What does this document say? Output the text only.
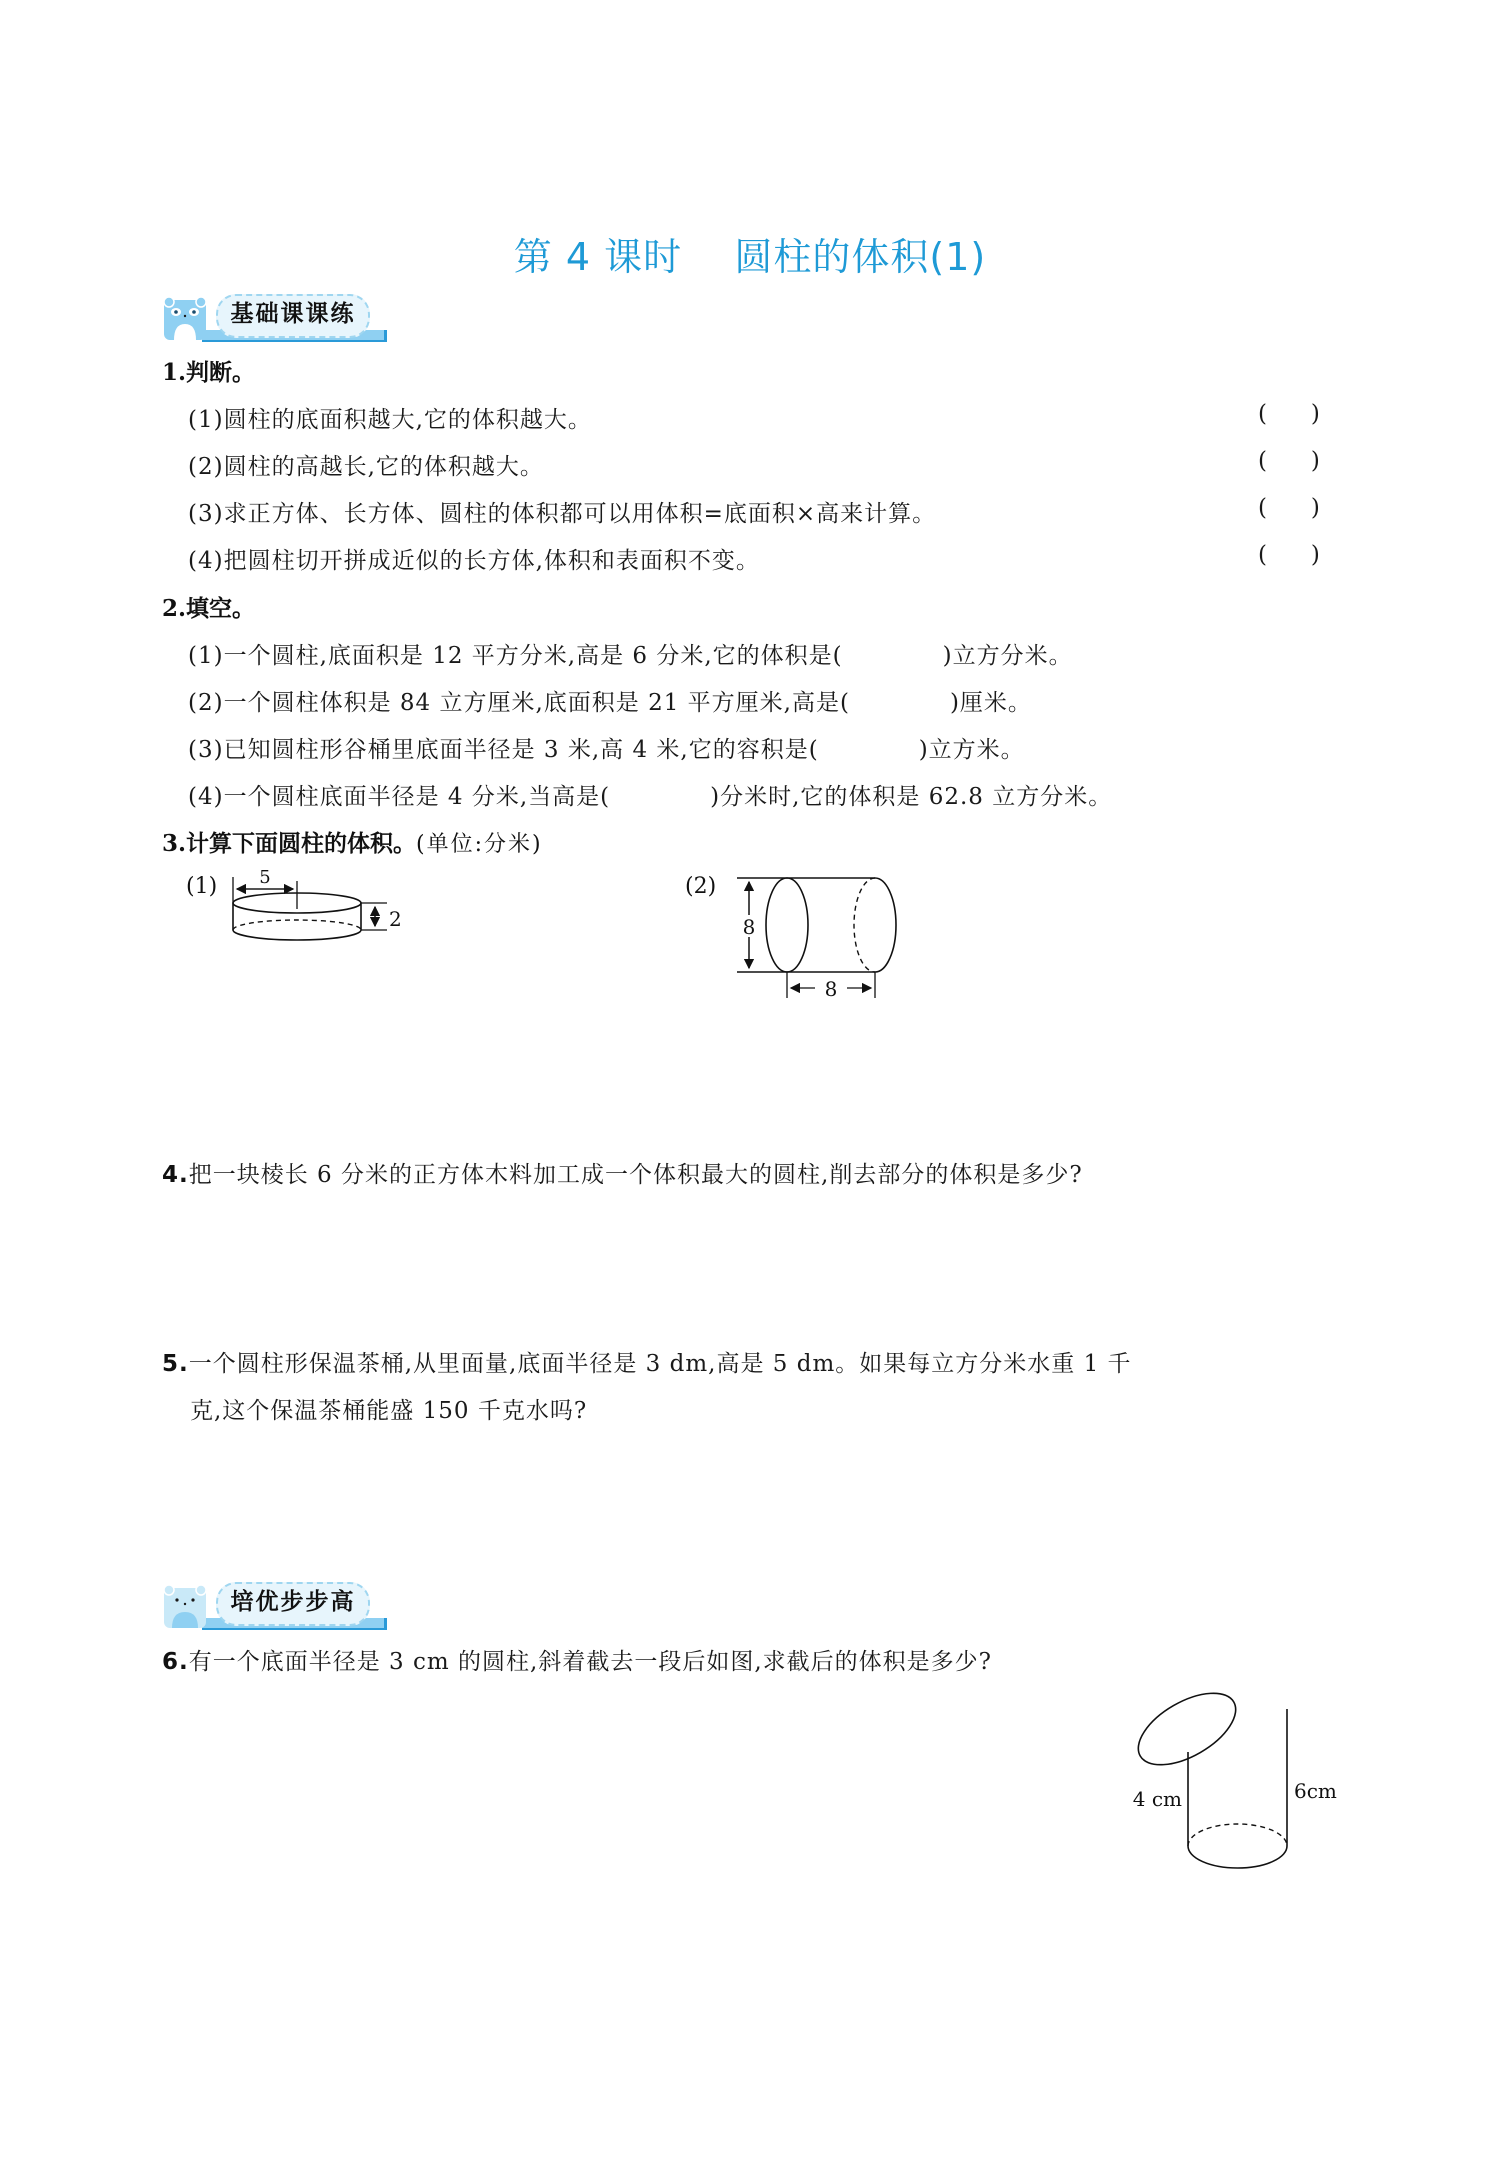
第 4 课时    圆柱的体积(1)
基础课课练
1.判断。
(1)圆柱的底面积越大,它的体积越大。	(      )
(2)圆柱的高越长,它的体积越大。	(      )
(3)求正方体、长方体、圆柱的体积都可以用体积=底面积×高来计算。	(      )
(4)把圆柱切开拼成近似的长方体,体积和表面积不变。	(      )
2.填空。
(1)一个圆柱,底面积是 12 平方分米,高是 6 分米,它的体积是(	)立方分米。
(2)一个圆柱体积是 84 立方厘米,底面积是 21 平方厘米,高是(	)厘米。
(3)已知圆柱形谷桶里底面半径是 3 米,高 4 米,它的容积是(	)立方米。
(4)一个圆柱底面半径是 4 分米,当高是(	)分米时,它的体积是 62.8 立方分米。
3.计算下面圆柱的体积。(单位:分米)
(1) 5
2
(2)
8
8
4.把一块棱长 6 分米的正方体木料加工成一个体积最大的圆柱,削去部分的体积是多少?
5.一个圆柱形保温茶桶,从里面量,底面半径是 3 dm,高是 5 dm。如果每立方分米水重 1 千
克,这个保温茶桶能盛 150 千克水吗?
培优步步高
6.有一个底面半径是 3 cm 的圆柱,斜着截去一段后如图,求截后的体积是多少?
4 cm	6cm
